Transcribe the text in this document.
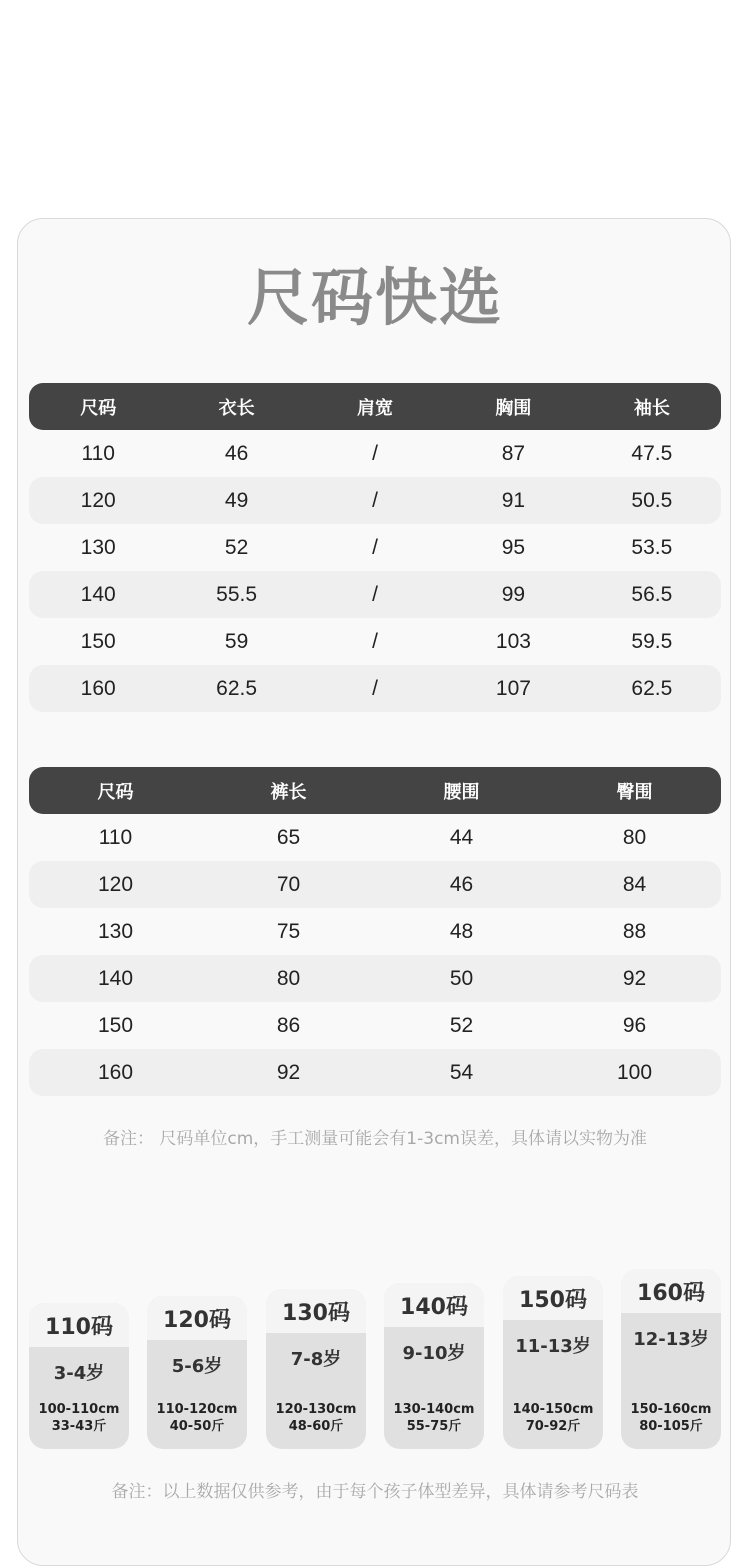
尺码快选
尺码	衣长	肩宽	胸围	袖长
110	46	/	87	47.5
120	49	/	91	50.5
130	52	/	95	53.5
140	55.5	/	99	56.5
150	59	/	103	59.5
160	62.5	/	107	62.5
尺码	裤长	腰围	臀围
110	65	44	80
120	70	46	84
130	75	48	88
140	80	50	92
150	86	52	96
160	92	54	100
备注： 尺码单位cm，手工测量可能会有1-3cm误差，具体请以实物为准
110码
3-4岁
100-110cm
33-43斤
120码
5-6岁
110-120cm
40-50斤
130码
7-8岁
120-130cm
48-60斤
140码
9-10岁
130-140cm
55-75斤
150码
11-13岁
140-150cm
70-92斤
160码
12-13岁
150-160cm
80-105斤
备注：以上数据仅供参考，由于每个孩子体型差异，具体请参考尺码表
